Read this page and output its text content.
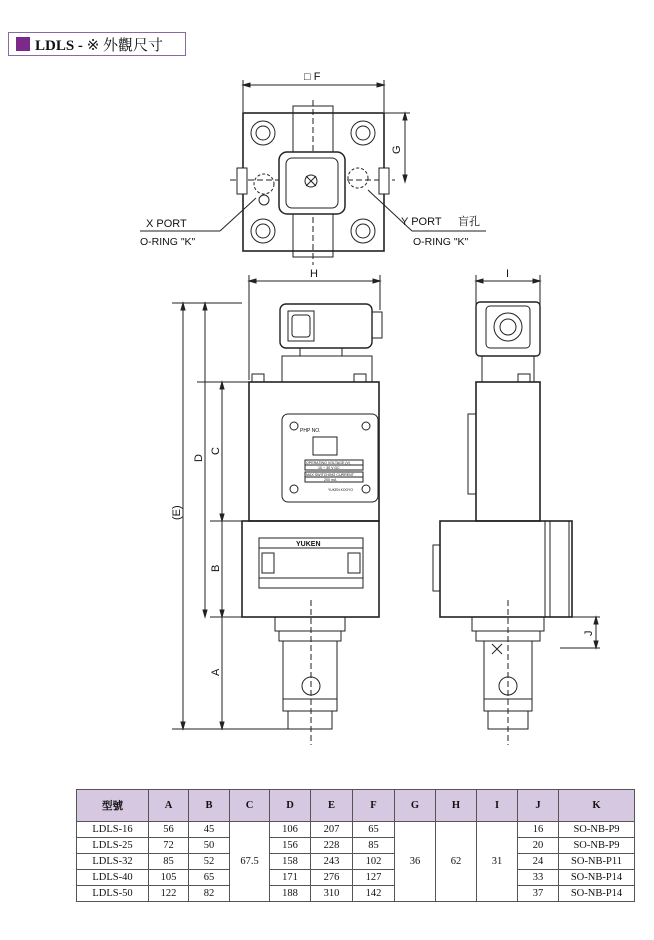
LDLS - ※ 外觀尺寸
□ F
G
X PORT
O-RING "K"
Y PORT 盲孔
O-RING "K"
H
(E)
D
C
B
A
PHP NO.
OPERATING VOLTAGE (V)
10 ~ 30 V DC
MAX SWITCHING CURRENT
200 mA
YUKEN KOGYO
YUKEN
I
J
型號	A	B	C	D	E	F	G	H	I	J	K
LDLS-16	56	45	67.5	106	207	65	36	62	31	16	SO-NB-P9
LDLS-25	72	50		156	228	85				20	SO-NB-P9
LDLS-32	85	52		158	243	102				24	SO-NB-P11
LDLS-40	105	65		171	276	127				33	SO-NB-P14
LDLS-50	122	82		188	310	142				37	SO-NB-P14
